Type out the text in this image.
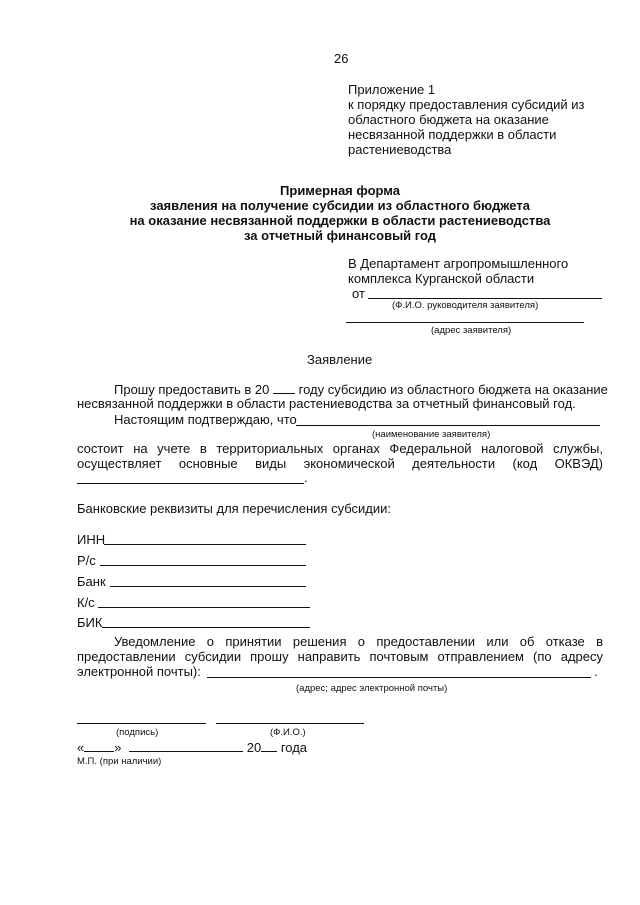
26
Приложение 1
к порядку предоставления субсидий из
областного бюджета на оказание
несвязанной поддержки в области
растениеводства
Примерная форма
заявления на получение субсидии из областного бюджета
на оказание несвязанной поддержки в области растениеводства
за отчетный финансовый год
В Департамент агропромышленного
комплекса Курганской области
от
(Ф.И.О. руководителя заявителя)
(адрес заявителя)
Заявление
Прошу предоставить в 20 году субсидию из областного бюджета на оказание
несвязанной поддержки в области растениеводства за отчетный финансовый год.
Настоящим подтверждаю, что
(наименование заявителя)
состоит на учете в территориальных органах Федеральной налоговой службы,
осуществляет основные виды экономической деятельности (код ОКВЭД)
.
Банковские реквизиты для перечисления субсидии:
ИНН
Р/с
Банк
К/с
БИК
Уведомление о принятии решения о предоставлении или об отказе в
предоставлении субсидии прошу направить почтовым отправлением (по адресу
электронной почты):	.
(адрес; адрес электронной почты)
(подпись)	(Ф.И.О.)
« »	20 года
М.П. (при наличии)
